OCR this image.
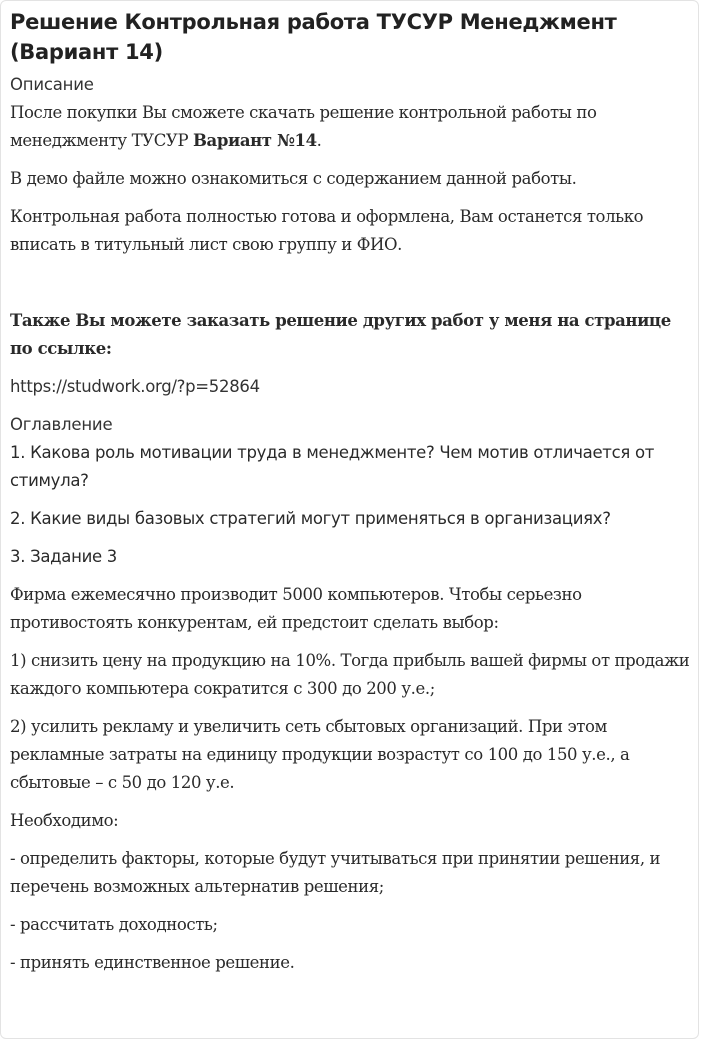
Решение Контрольная работа ТУСУР Менеджмент (Вариант 14)
Описание

После покупки Вы сможете скачать решение контрольной работы по менеджменту ТУСУР Вариант №14.

В демо файле можно ознакомиться с содержанием данной работы.

Контрольная работа полностью готова и оформлена, Вам останется только вписать в титульный лист свою группу и ФИО.

Также Вы можете заказать решение других работ у меня на странице по ссылке:

https://studwork.org/?p=52864
Оглавление

1. Какова роль мотивации труда в менеджменте? Чем мотив отличается от стимула?

2. Какие виды базовых стратегий могут применяться в организациях?

3. Задание 3

Фирма ежемесячно производит 5000 компьютеров. Чтобы серьезно противостоять конкурентам, ей предстоит сделать выбор:

1) снизить цену на продукцию на 10%. Тогда прибыль вашей фирмы от продажи каждого компьютера сократится с 300 до 200 у.е.;

2) усилить рекламу и увеличить сеть сбытовых организаций. При этом рекламные затраты на единицу продукции возрастут со 100 до 150 у.е., а сбытовые – с 50 до 120 у.е.

Необходимо:

- определить факторы, которые будут учитываться при принятии решения, и перечень возможных альтернатив решения;

- рассчитать доходность;

- принять единственное решение.
